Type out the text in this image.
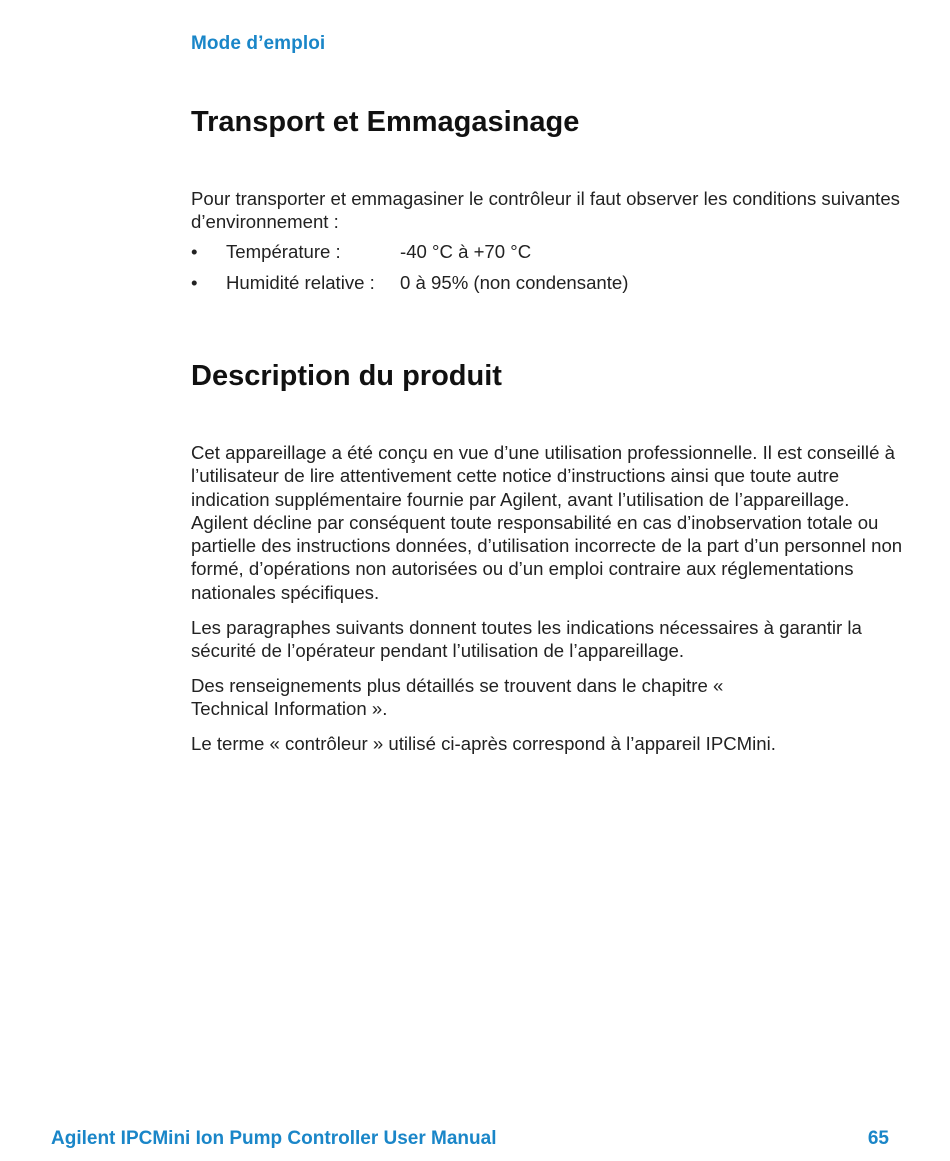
Mode d’emploi
Transport et Emmagasinage

Pour transporter et emmagasiner le contrôleur il faut observer les conditions suivantes d’environnement :

• Température :	-40 °C à +70 °C
• Humidité relative : 0 à 95% (non condensante)
Description du produit

Cet appareillage a été conçu en vue d’une utilisation professionnelle. Il est conseillé à l’utilisateur de lire attentivement cette notice d’instructions ainsi que toute autre indication supplémentaire fournie par Agilent, avant l’utilisation de l’appareillage. Agilent décline par conséquent toute responsabilité en cas d’inobservation totale ou partielle des instructions données, d’utilisation incorrecte de la part d’un personnel non formé, d’opérations non autorisées ou d’un emploi contraire aux réglementations nationales spécifiques.

Les paragraphes suivants donnent toutes les indications nécessaires à garantir la sécurité de l’opérateur pendant l’utilisation de l’appareillage.

Des renseignements plus détaillés se trouvent dans le chapitre « Technical Information ».

Le terme « contrôleur » utilisé ci-après correspond à l’appareil IPCMini.

Agilent IPCMini Ion Pump Controller User Manual	65
